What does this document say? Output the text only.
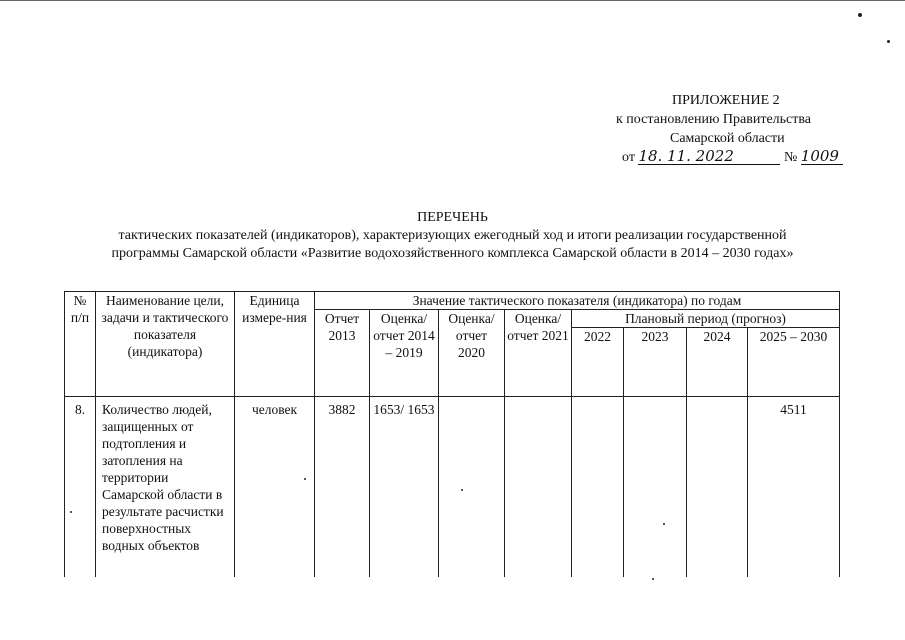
ПРИЛОЖЕНИЕ 2
к постановлению Правительства
Самарской области
от 18. 11. 2022	№ 1009
ПЕРЕЧЕНЬ
тактических показателей (индикаторов), характеризующих ежегодный ход и итоги реализации государственной
программы Самарской области «Развитие водохозяйственного комплекса Самарской области в 2014 – 2030 годах»
№ п/п	Наименование цели, задачи и тактического показателя (индикатора)	Единица измере-ния	Значение тактического показателя (индикатора) по годам							
			Отчет 2013	Оценка/ отчет 2014 – 2019	Оценка/ отчет 2020	Оценка/ отчет 2021	Плановый период (прогноз)			
							2022	2023	2024	2025 – 2030
8.	Количество людей, защищенных от подтопления и затопления на территории Самарской области в результате расчистки поверхностных водных объектов	человек	3882	1653/ 1653						4511
